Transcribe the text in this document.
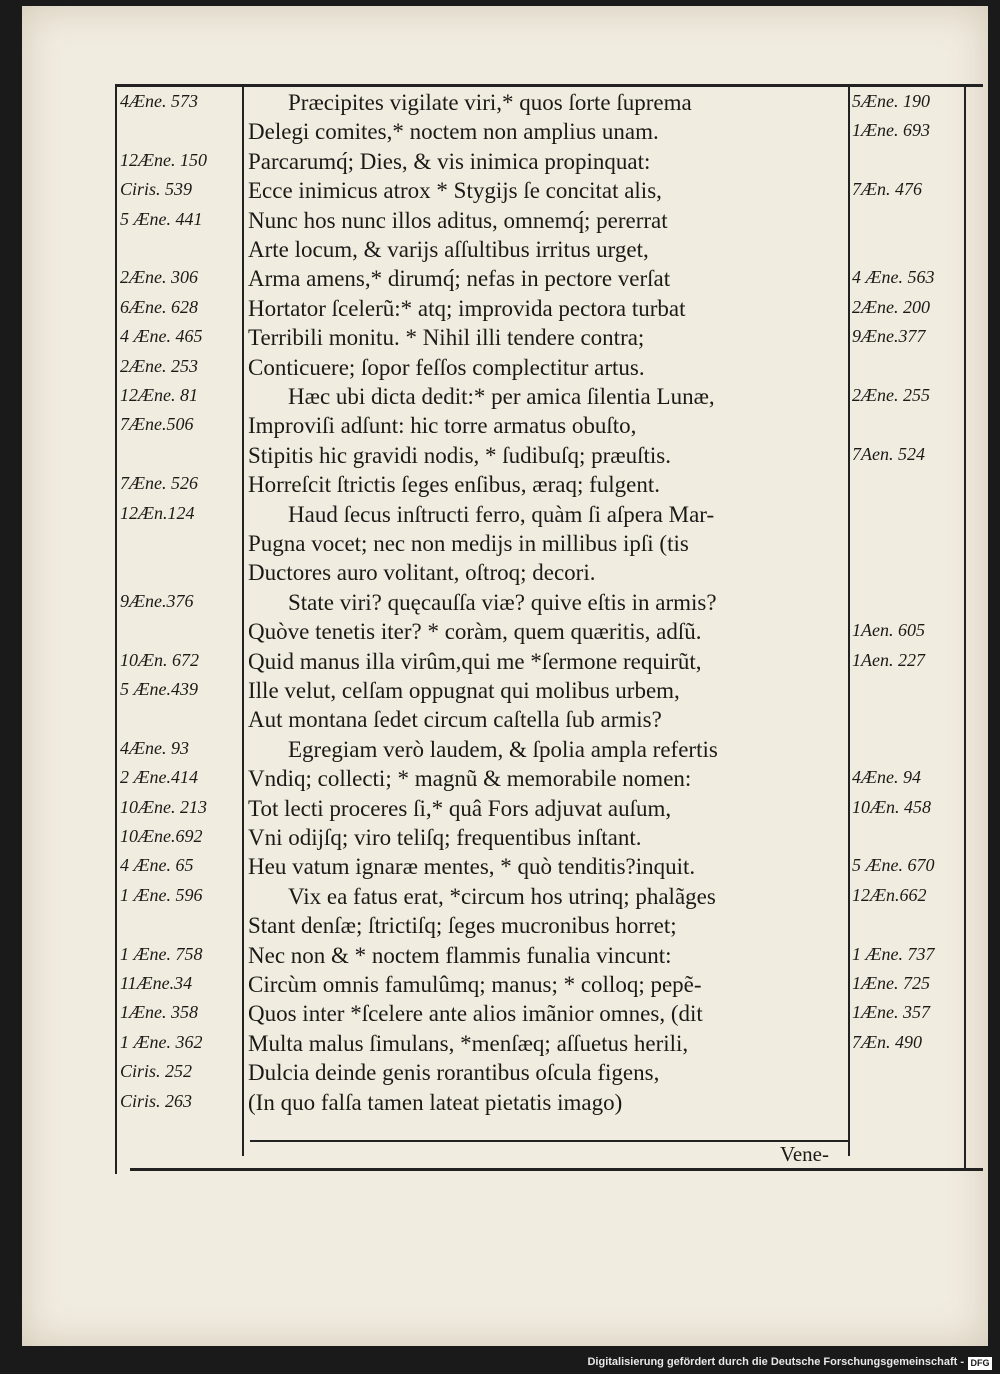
Præcipites vigilate viri,* quos ſorte ſuprema
Delegi comites,* noctem non amplius unam.
Parcarumq́; Dies, & vis inimica propinquat:
Ecce inimicus atrox * Stygijs ſe concitat alis,
Nunc hos nunc illos aditus, omnemq́; pererrat
Arte locum, & varijs aſſultibus irritus urget,
Arma amens,* dirumq́; nefas in pectore verſat
Hortator ſcelerũ:* atq; improvida pectora turbat
Terribili monitu. * Nihil illi tendere contra;
Conticuere; ſopor feſſos complectitur artus.
Hæc ubi dicta dedit:* per amica ſilentia Lunæ,
Improviſi adſunt: hic torre armatus obuſto,
Stipitis hic gravidi nodis, * ſudibuſq; præuſtis.
Horreſcit ſtrictis ſeges enſibus, æraq; fulgent.
Haud ſecus inſtructi ferro, quàm ſi aſpera Mar-
Pugna vocet; nec non medijs in millibus ipſi (tis
Ductores auro volitant, oſtroq; decori.
State viri? quęcauſſa viæ? quive eſtis in armis?
Quòve tenetis iter? * coràm, quem quæritis, adſũ.
Quid manus illa virûm,qui me *ſermone requirũt,
Ille velut, celſam oppugnat qui molibus urbem,
Aut montana ſedet circum caſtella ſub armis?
Egregiam verò laudem, & ſpolia ampla refertis
Vndiq; collecti; * magnũ & memorabile nomen:
Tot lecti proceres ſi,* quâ Fors adjuvat auſum,
Vni odijſq; viro teliſq; frequentibus inſtant.
Heu vatum ignaræ mentes, * quò tenditis?inquit.
Vix ea fatus erat, *circum hos utrinq; phalãges
Stant denſæ; ſtrictiſq; ſeges mucronibus horret;
Nec non & * noctem flammis funalia vincunt:
Circùm omnis famulûmq; manus; * colloq; pepẽ-
Quos inter *ſcelere ante alios imãnior omnes, (dit
Multa malus ſimulans, *menſæq; aſſuetus herili,
Dulcia deinde genis rorantibus oſcula figens,
(In quo falſa tamen lateat pietatis imago)
4Æne. 573
12Æne. 150
Ciris. 539
5 Æne. 441
2Æne. 306
6Æne. 628
4 Æne. 465
2Æne. 253
12Æne. 81
7Æne.506
7Æne. 526
12Æn.124
9Æne.376
10Æn. 672
5 Æne.439
4Æne. 93
2 Æne.414
10Æne. 213
10Æne.692
4 Æne. 65
1 Æne. 596
1 Æne. 758
11Æne.34
1Æne. 358
1 Æne. 362
Ciris. 252
Ciris. 263
5Æne. 190
1Æne. 693
7Æn. 476
4 Æne. 563
2Æne. 200
9Æne.377
2Æne. 255
7Aen. 524
1Aen. 605
1Aen. 227
4Æne. 94
10Æn. 458
5 Æne. 670
12Æn.662
1 Æne. 737
1Æne. 725
1Æne. 357
7Æn. 490
Vene-
Digitalisierung gefördert durch die Deutsche Forschungsgemeinschaft - DFG
